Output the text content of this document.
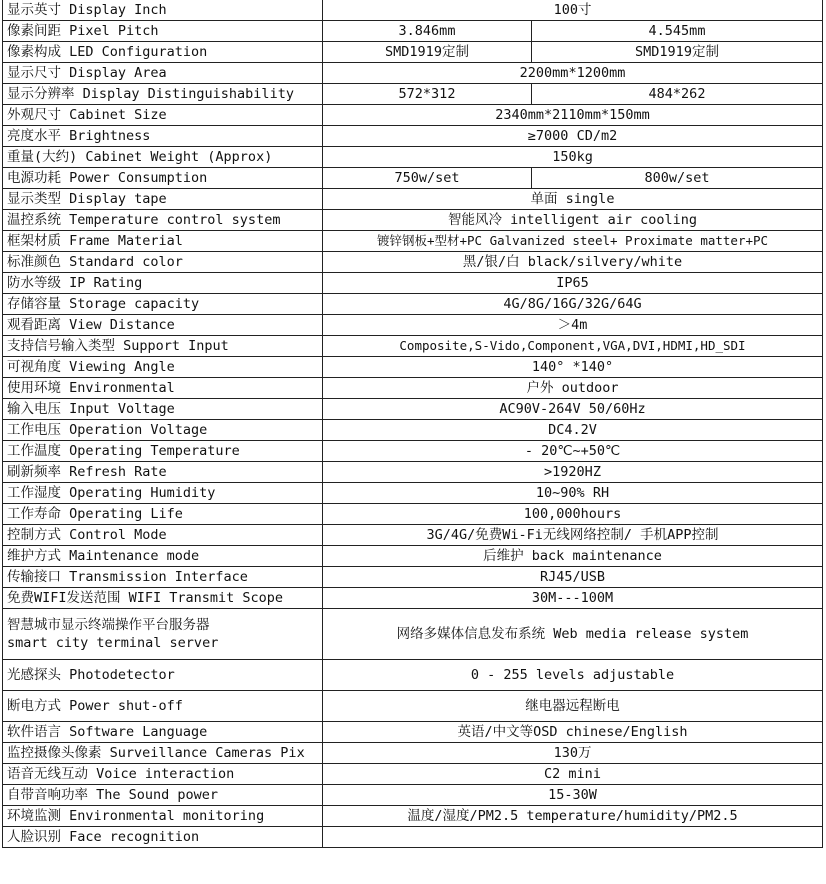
显示英寸 Display Inch	100寸	
像素间距 Pixel Pitch	3.846mm	4.545mm
像素构成 LED Configuration	SMD1919定制	SMD1919定制
显示尺寸 Display Area	2200mm*1200mm	
显示分辨率 Display Distinguishability	572*312	484*262
外观尺寸 Cabinet Size	2340mm*2110mm*150mm	
亮度水平 Brightness	≥7000 CD/m2	
重量(大约) Cabinet Weight (Approx)	150kg	
电源功耗 Power Consumption	750w/set	800w/set
显示类型 Display tape	单面 single	
温控系统 Temperature control system	智能风冷 intelligent air cooling	
框架材质 Frame Material	镀锌钢板+型材+PC Galvanized steel+ Proximate matter+PC	
标准颜色 Standard color	黑/银/白 black/silvery/white	
防水等级 IP Rating	IP65	
存储容量 Storage capacity	4G/8G/16G/32G/64G	
观看距离 View Distance	＞4m	
支持信号输入类型 Support Input	Composite,S-Vido,Component,VGA,DVI,HDMI,HD_SDI	
可视角度 Viewing Angle	140° *140°	
使用环境 Environmental	户外 outdoor	
输入电压 Input Voltage	AC90V-264V 50/60Hz	
工作电压 Operation Voltage	DC4.2V	
工作温度 Operating Temperature	- 20℃~+50℃	
刷新频率 Refresh Rate	>1920HZ	
工作湿度 Operating Humidity	10~90% RH	
工作寿命 Operating Life	100,000hours	
控制方式 Control Mode	3G/4G/免费Wi-Fi无线网络控制/ 手机APP控制	
维护方式 Maintenance mode	后维护 back maintenance	
传输接口 Transmission Interface	RJ45/USB	
免费WIFI发送范围 WIFI Transmit Scope	30M---100M	

智慧城市显示终端操作平台服务器
smart city terminal server	网络多媒体信息发布系统 Web media release system	
光感探头 Photodetector	0 - 255 levels adjustable	
断电方式 Power shut-off	继电器远程断电	
软件语言 Software Language	英语/中文等OSD chinese/English	
监控摄像头像素 Surveillance Cameras Pix	130万	
语音无线互动 Voice interaction	C2 mini	
自带音响功率 The Sound power	15-30W	
环境监测 Environmental monitoring	温度/湿度/PM2.5 temperature/humidity/PM2.5	
人脸识别 Face recognition		
